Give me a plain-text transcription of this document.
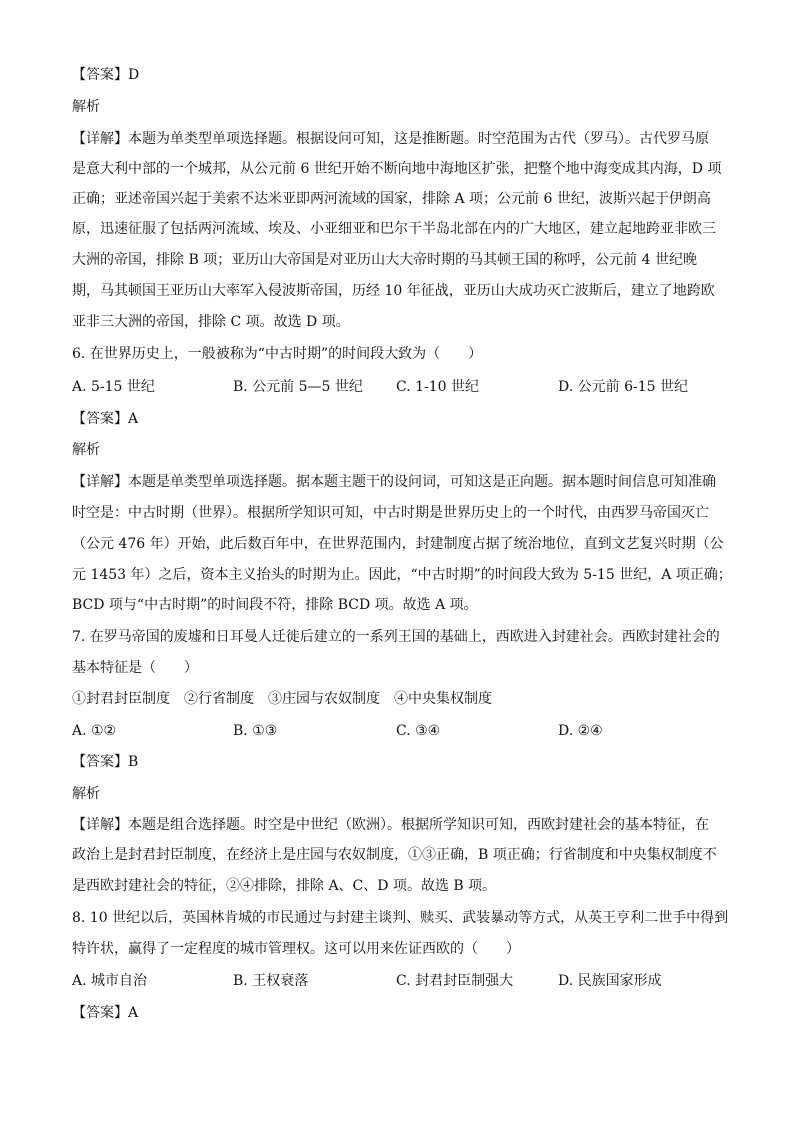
【答案】D
解析
【详解】本题为单类型单项选择题。根据设问可知，这是推断题。时空范围为古代（罗马）。古代罗马原
是意大利中部的一个城邦，从公元前 6 世纪开始不断向地中海地区扩张，把整个地中海变成其内海，D 项
正确；亚述帝国兴起于美索不达米亚即两河流域的国家，排除 A 项；公元前 6 世纪，波斯兴起于伊朗高
原，迅速征服了包括两河流域、埃及、小亚细亚和巴尔干半岛北部在内的广大地区，建立起地跨亚非欧三
大洲的帝国，排除 B 项；亚历山大帝国是对亚历山大大帝时期的马其顿王国的称呼，公元前 4 世纪晚
期，马其顿国王亚历山大率军入侵波斯帝国，历经 10 年征战，亚历山大成功灭亡波斯后，建立了地跨欧
亚非三大洲的帝国，排除 C 项。故选 D 项。
6. 在世界历史上，一般被称为“中古时期”的时间段大致为（　　）
A. 5-15 世纪	B. 公元前 5—5 世纪 C. 1-10 世纪	D. 公元前 6-15 世纪
【答案】A
解析
【详解】本题是单类型单项选择题。据本题主题干的设问词，可知这是正向题。据本题时间信息可知准确
时空是：中古时期（世界）。根据所学知识可知，中古时期是世界历史上的一个时代，由西罗马帝国灭亡
（公元 476 年）开始，此后数百年中，在世界范围内，封建制度占据了统治地位，直到文艺复兴时期（公
元 1453 年）之后，资本主义抬头的时期为止。因此，“中古时期”的时间段大致为 5-15 世纪，A 项正确；
BCD 项与“中古时期”的时间段不符，排除 BCD 项。故选 A 项。
7. 在罗马帝国的废墟和日耳曼人迁徙后建立的一系列王国的基础上，西欧进入封建社会。西欧封建社会的
基本特征是（　　）
①封君封臣制度　②行省制度　③庄园与农奴制度　④中央集权制度
A. ①②	B. ①③	C. ③④	D. ②④
【答案】B
解析
【详解】本题是组合选择题。时空是中世纪（欧洲）。根据所学知识可知，西欧封建社会的基本特征，在
政治上是封君封臣制度，在经济上是庄园与农奴制度，①③正确，B 项正确；行省制度和中央集权制度不
是西欧封建社会的特征，②④排除，排除 A、C、D 项。故选 B 项。
8. 10 世纪以后，英国林肯城的市民通过与封建主谈判、赎买、武装暴动等方式，从英王亨利二世手中得到
特许状，赢得了一定程度的城市管理权。这可以用来佐证西欧的（　　）
A. 城市自治	B. 王权衰落	C. 封君封臣制强大	D. 民族国家形成
【答案】A
